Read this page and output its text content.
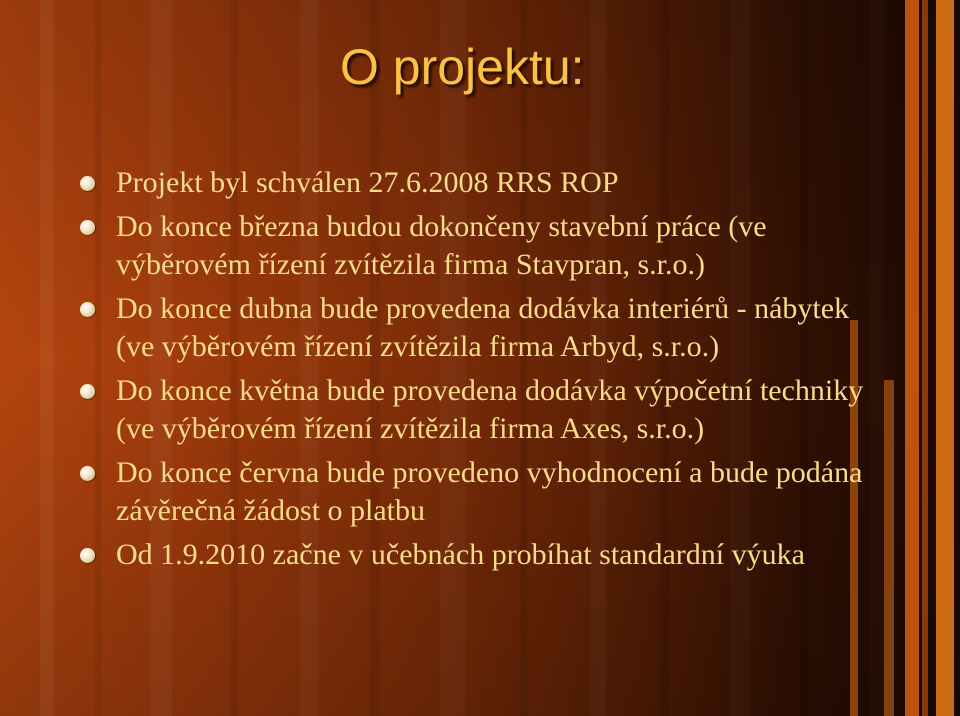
O projektu:
Projekt byl schválen 27.6.2008 RRS ROP
Do konce března budou dokončeny stavební práce (ve výběrovém řízení zvítězila firma Stavpran, s.r.o.)
Do konce dubna bude provedena dodávka interiérů - nábytek (ve výběrovém řízení zvítězila firma Arbyd, s.r.o.)
Do konce května bude provedena dodávka výpočetní techniky (ve výběrovém řízení zvítězila firma Axes, s.r.o.)
Do konce června bude provedeno vyhodnocení a bude podána závěrečná žádost o platbu
Od 1.9.2010 začne v učebnách probíhat standardní výuka
